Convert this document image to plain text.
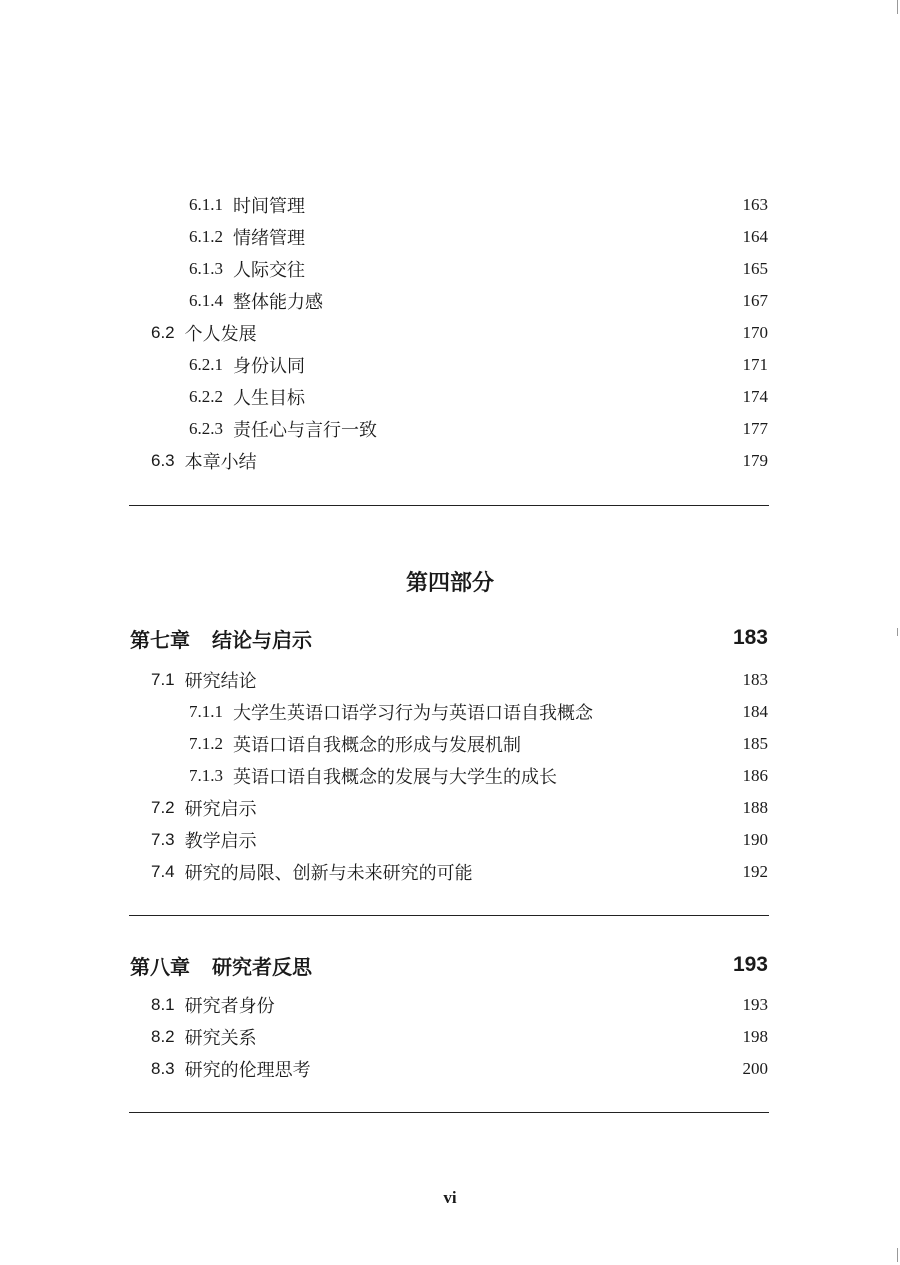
6.1.1 时间管理	163
6.1.2 情绪管理	164
6.1.3 人际交往	165
6.1.4 整体能力感	167
6.2 个人发展	170
6.2.1 身份认同	171
6.2.2 人生目标	174
6.2.3 责任心与言行一致	177
6.3 本章小结	179
第四部分
第七章 结论与启示	183
7.1 研究结论	183
7.1.1 大学生英语口语学习行为与英语口语自我概念	184
7.1.2 英语口语自我概念的形成与发展机制	185
7.1.3 英语口语自我概念的发展与大学生的成长	186
7.2 研究启示	188
7.3 教学启示	190
7.4 研究的局限、创新与未来研究的可能	192
第八章 研究者反思	193
8.1 研究者身份	193
8.2 研究关系	198
8.3 研究的伦理思考	200
vi
